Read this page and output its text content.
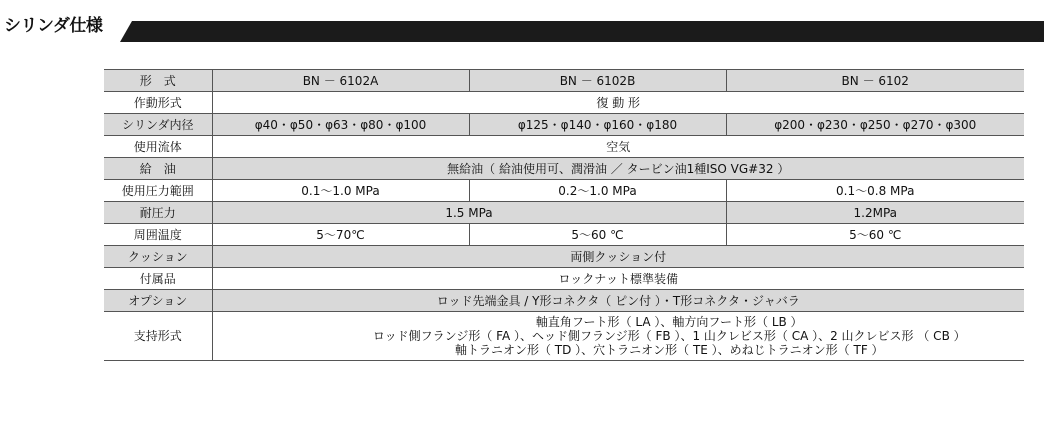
シリンダ仕様
形　式	BN － 6102A	BN － 6102B	BN － 6102
作動形式	復 動 形		
シリンダ内径	φ40・φ50・φ63・φ80・φ100	φ125・φ140・φ160・φ180	φ200・φ230・φ250・φ270・φ300
使用流体	空気		
給　油	無給油（ 給油使用可、潤滑油 ／ タービン油1種ISO VG#32 ）		
使用圧力範囲	0.1～1.0 MPa	0.2～1.0 MPa	0.1～0.8 MPa
耐圧力	1.5 MPa		1.2MPa
周囲温度	5～70℃	5～60 ℃	5～60 ℃
クッション	両側クッション付		
付属品	ロックナット標準装備		
オプション	ロッド先端金具 / Y形コネクタ（ ピン付 ）・T形コネクタ・ジャバラ		
支持形式	軸直角フート形（ LA ）、軸方向フート形（ LB ）
ロッド側フランジ形（ FA ）、ヘッド側フランジ形（ FB ）、1 山クレビス形（ CA ）、2 山クレビス形 （ CB ）
軸トラニオン形（ TD ）、穴トラニオン形（ TE ）、めねじトラニオン形（ TF ）		
